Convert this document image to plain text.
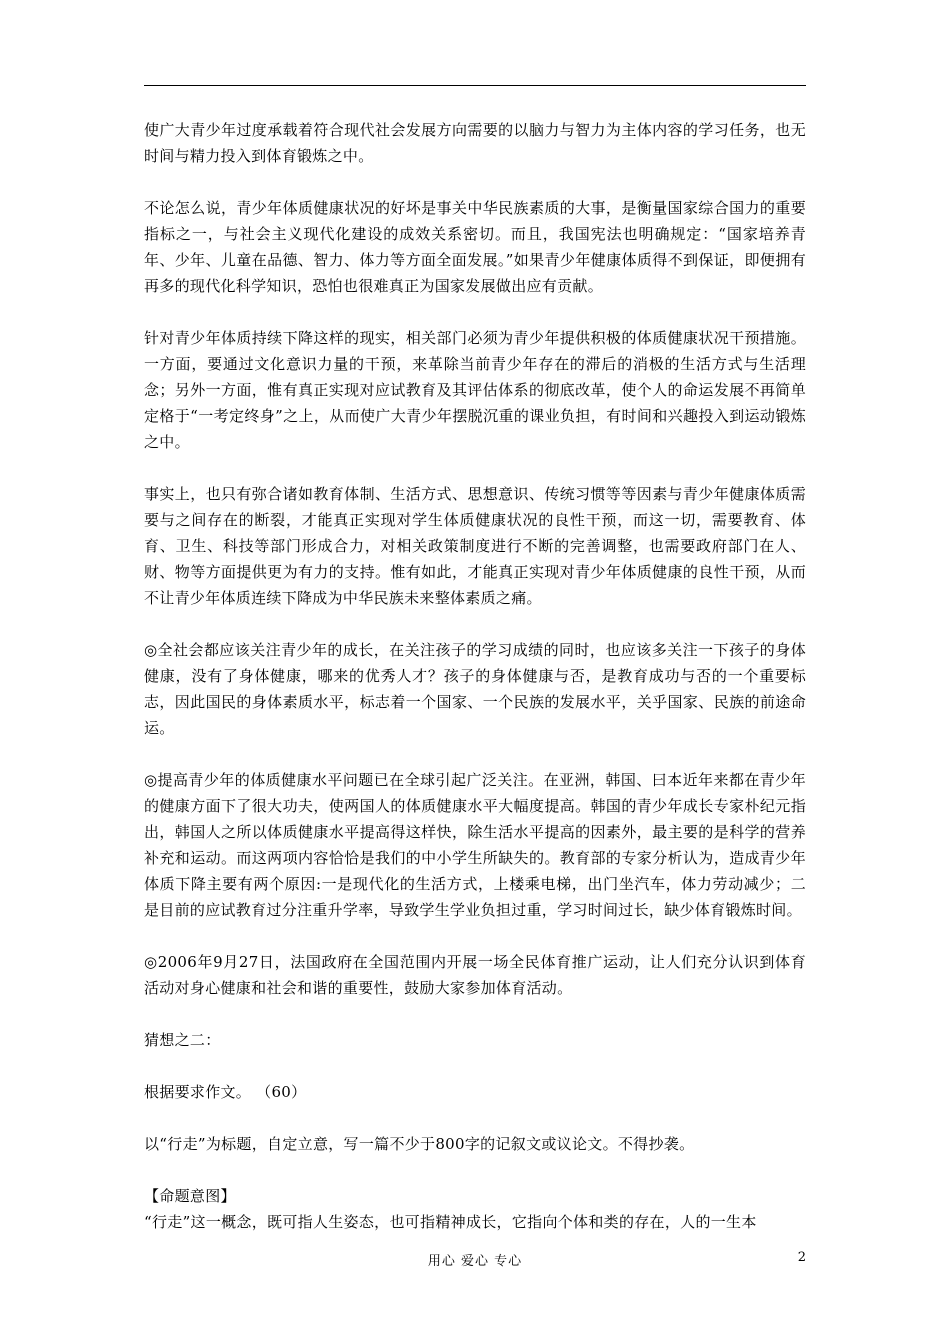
使广大青少年过度承载着符合现代社会发展方向需要的以脑力与智力为主体内容的学习任务，也无时间与精力投入到体育锻炼之中。

不论怎么说，青少年体质健康状况的好坏是事关中华民族素质的大事，是衡量国家综合国力的重要指标之一，与社会主义现代化建设的成效关系密切。而且，我国宪法也明确规定：“国家培养青年、少年、儿童在品德、智力、体力等方面全面发展。”如果青少年健康体质得不到保证，即便拥有再多的现代化科学知识，恐怕也很难真正为国家发展做出应有贡献。

针对青少年体质持续下降这样的现实，相关部门必须为青少年提供积极的体质健康状况干预措施。一方面，要通过文化意识力量的干预，来革除当前青少年存在的滞后的消极的生活方式与生活理念；另外一方面，惟有真正实现对应试教育及其评估体系的彻底改革，使个人的命运发展不再简单定格于“一考定终身”之上，从而使广大青少年摆脱沉重的课业负担，有时间和兴趣投入到运动锻炼之中。

事实上，也只有弥合诸如教育体制、生活方式、思想意识、传统习惯等等因素与青少年健康体质需要与之间存在的断裂，才能真正实现对学生体质健康状况的良性干预，而这一切，需要教育、体育、卫生、科技等部门形成合力，对相关政策制度进行不断的完善调整，也需要政府部门在人、财、物等方面提供更为有力的支持。惟有如此，才能真正实现对青少年体质健康的良性干预，从而不让青少年体质连续下降成为中华民族未来整体素质之痛。

◎全社会都应该关注青少年的成长，在关注孩子的学习成绩的同时，也应该多关注一下孩子的身体健康，没有了身体健康，哪来的优秀人才？孩子的身体健康与否，是教育成功与否的一个重要标志，因此国民的身体素质水平，标志着一个国家、一个民族的发展水平，关乎国家、民族的前途命运。

◎提高青少年的体质健康水平问题已在全球引起广泛关注。在亚洲，韩国、曰本近年来都在青少年的健康方面下了很大功夫，使两国人的体质健康水平大幅度提高。韩国的青少年成长专家朴纪元指出，韩国人之所以体质健康水平提高得这样快，除生活水平提高的因素外，最主要的是科学的营养补充和运动。而这两项内容恰恰是我们的中小学生所缺失的。教育部的专家分析认为，造成青少年体质下降主要有两个原因:一是现代化的生活方式，上楼乘电梯，出门坐汽车，体力劳动减少；二是目前的应试教育过分注重升学率，导致学生学业负担过重，学习时间过长，缺少体育锻炼时间。

◎2006年9月27日，法国政府在全国范围内开展一场全民体育推广运动，让人们充分认识到体育活动对身心健康和社会和谐的重要性，鼓励大家参加体育活动。

猜想之二：

根据要求作文。 （60）

以“行走”为标题，自定立意，写一篇不少于800字的记叙文或议论文。不得抄袭。

【命题意图】

“行走”这一概念，既可指人生姿态，也可指精神成长，它指向个体和类的存在，人的一生本

用心 爱心 专心	2
